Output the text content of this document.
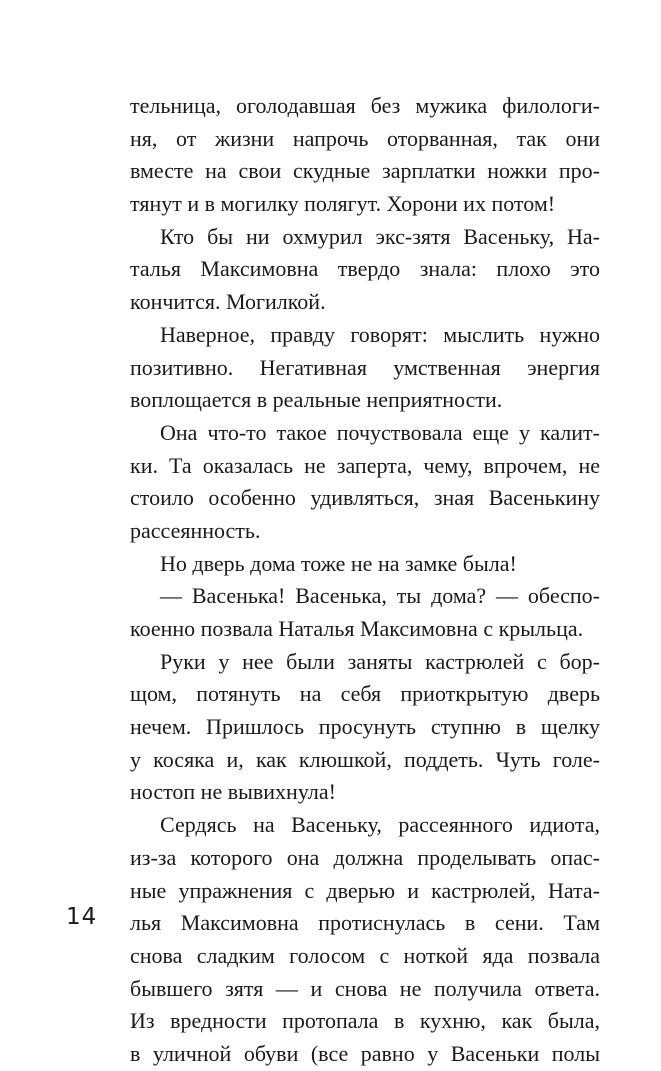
тельница, оголодавшая без мужика филологи-
ня, от жизни напрочь оторванная, так они
вместе на свои скудные зарплатки ножки про-
тянут и в могилку полягут. Хорони их потом!
Кто бы ни охмурил экс-зятя Васеньку, На-
талья Максимовна твердо знала: плохо это
кончится. Могилкой.
Наверное, правду говорят: мыслить нужно
позитивно. Негативная умственная энергия
воплощается в реальные неприятности.
Она что-то такое почуствовала еще у калит-
ки. Та оказалась не заперта, чему, впрочем, не
стоило особенно удивляться, зная Васенькину
рассеянность.
Но дверь дома тоже не на замке была!
— Васенька! Васенька, ты дома? — обеспо-
коенно позвала Наталья Максимовна с крыльца.
Руки у нее были заняты кастрюлей с бор-
щом, потянуть на себя приоткрытую дверь
нечем. Пришлось просунуть ступню в щелку
у косяка и, как клюшкой, поддеть. Чуть голе-
ностоп не вывихнула!
Сердясь на Васеньку, рассеянного идиота,
из-за которого она должна проделывать опас-
ные упражнения с дверью и кастрюлей, Ната-
лья Максимовна протиснулась в сени. Там
снова сладким голосом с ноткой яда позвала
бывшего зятя — и снова не получила ответа.
Из вредности протопала в кухню, как была,
в уличной обуви (все равно у Васеньки полы
14
